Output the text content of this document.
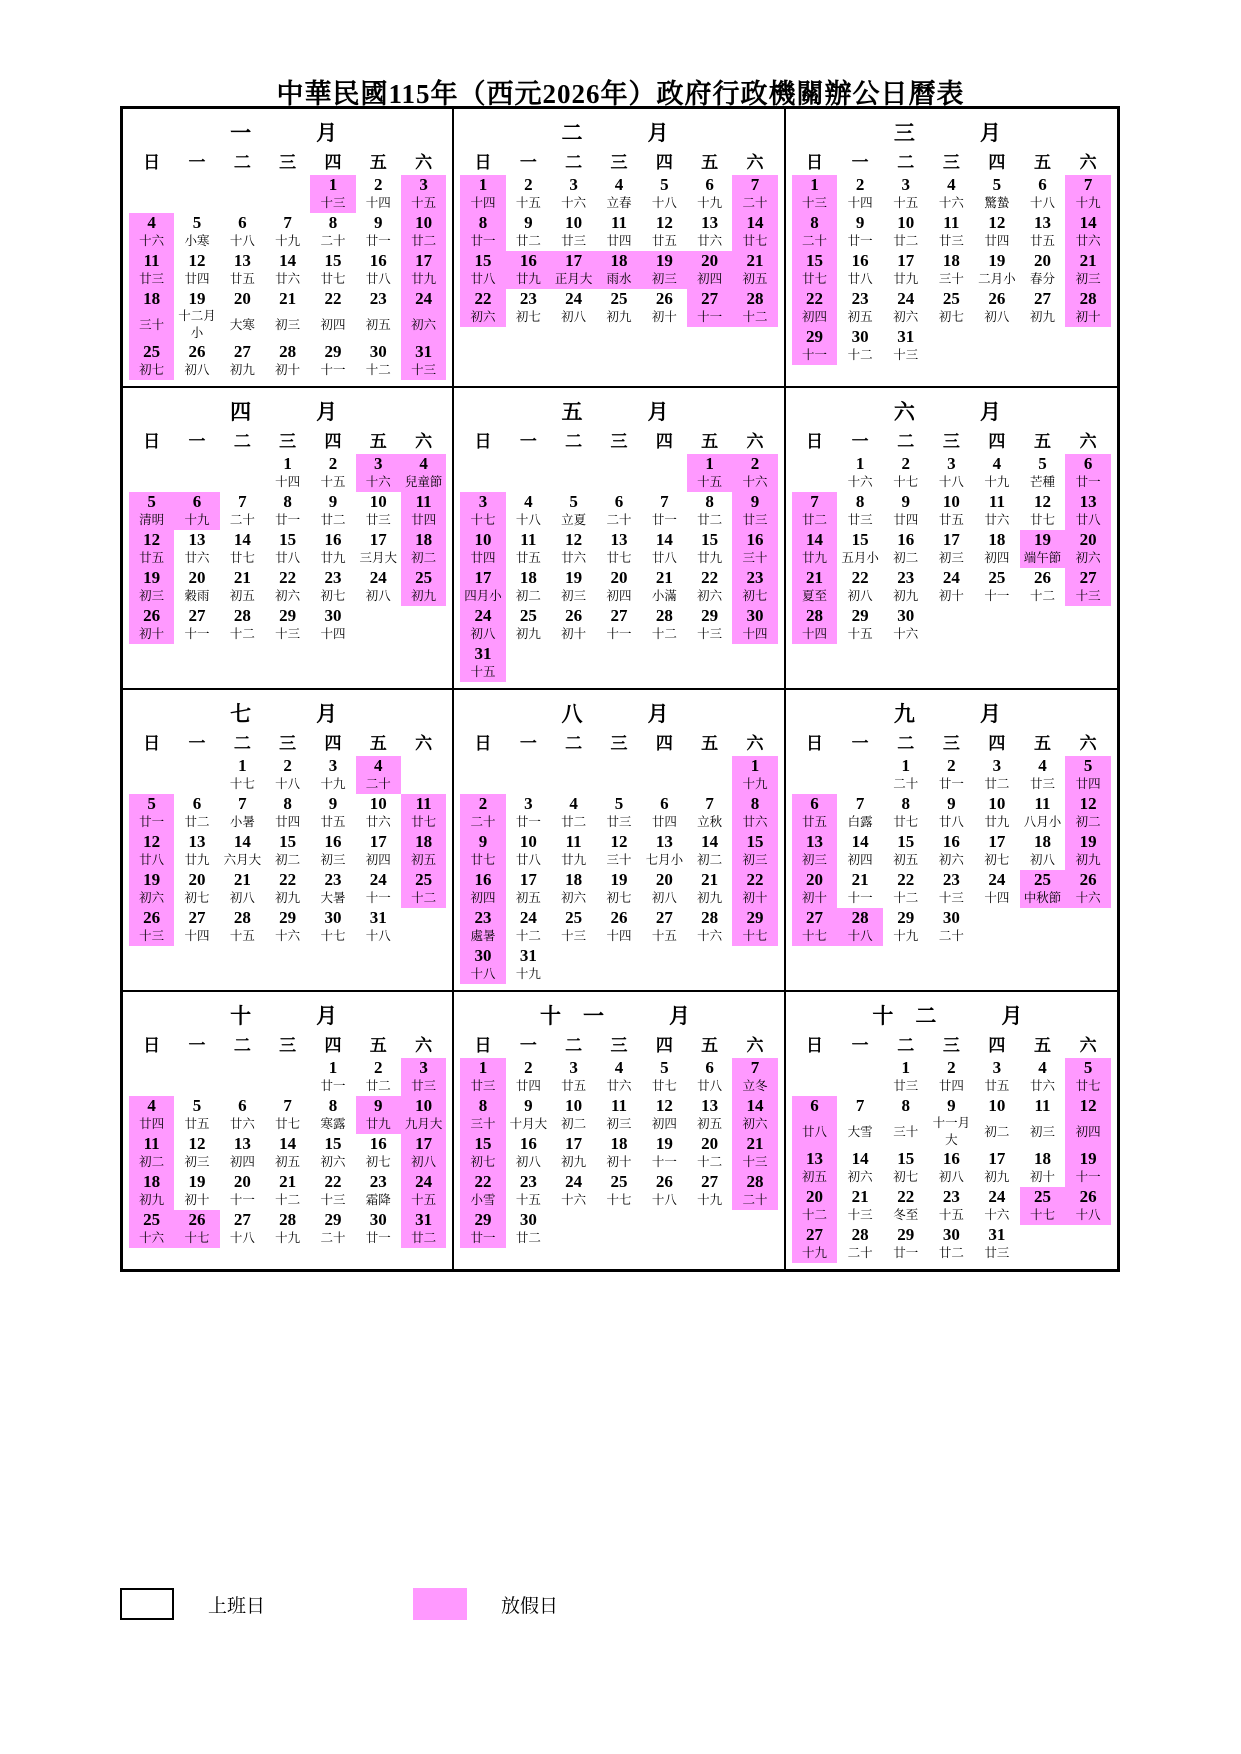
中華民國115年（西元2026年）政府行政機關辦公日曆表
一　月
日	一	二	三	四	五	六
				1	2	3
				十三	十四	十五
4	5	6	7	8	9	10
十六	小寒	十八	十九	二十	廿一	廿二
11	12	13	14	15	16	17
廿三	廿四	廿五	廿六	廿七	廿八	廿九
18	19	20	21	22	23	24
三十	十二月小	大寒	初三	初四	初五	初六
25	26	27	28	29	30	31
初七	初八	初九	初十	十一	十二	十三
二　月
日	一	二	三	四	五	六
1	2	3	4	5	6	7
十四	十五	十六	立春	十八	十九	二十
8	9	10	11	12	13	14
廿一	廿二	廿三	廿四	廿五	廿六	廿七
15	16	17	18	19	20	21
廿八	廿九	正月大	雨水	初三	初四	初五
22	23	24	25	26	27	28
初六	初七	初八	初九	初十	十一	十二
三　月
日	一	二	三	四	五	六
1	2	3	4	5	6	7
十三	十四	十五	十六	驚蟄	十八	十九
8	9	10	11	12	13	14
二十	廿一	廿二	廿三	廿四	廿五	廿六
15	16	17	18	19	20	21
廿七	廿八	廿九	三十	二月小	春分	初三
22	23	24	25	26	27	28
初四	初五	初六	初七	初八	初九	初十
29	30	31				
十一	十二	十三				
四　月
日	一	二	三	四	五	六
			1	2	3	4
			十四	十五	十六	兒童節
5	6	7	8	9	10	11
清明	十九	二十	廿一	廿二	廿三	廿四
12	13	14	15	16	17	18
廿五	廿六	廿七	廿八	廿九	三月大	初二
19	20	21	22	23	24	25
初三	穀雨	初五	初六	初七	初八	初九
26	27	28	29	30		
初十	十一	十二	十三	十四		
五　月
日	一	二	三	四	五	六
					1	2
					十五	十六
3	4	5	6	7	8	9
十七	十八	立夏	二十	廿一	廿二	廿三
10	11	12	13	14	15	16
廿四	廿五	廿六	廿七	廿八	廿九	三十
17	18	19	20	21	22	23
四月小	初二	初三	初四	小滿	初六	初七
24	25	26	27	28	29	30
初八	初九	初十	十一	十二	十三	十四
31						
十五						
六　月
日	一	二	三	四	五	六
	1	2	3	4	5	6
	十六	十七	十八	十九	芒種	廿一
7	8	9	10	11	12	13
廿二	廿三	廿四	廿五	廿六	廿七	廿八
14	15	16	17	18	19	20
廿九	五月小	初二	初三	初四	端午節	初六
21	22	23	24	25	26	27
夏至	初八	初九	初十	十一	十二	十三
28	29	30				
十四	十五	十六				
七　月
日	一	二	三	四	五	六
		1	2	3	4	
		十七	十八	十九	二十	
5	6	7	8	9	10	11
廿一	廿二	小暑	廿四	廿五	廿六	廿七
12	13	14	15	16	17	18
廿八	廿九	六月大	初二	初三	初四	初五
19	20	21	22	23	24	25
初六	初七	初八	初九	大暑	十一	十二
26	27	28	29	30	31	
十三	十四	十五	十六	十七	十八	
八　月
日	一	二	三	四	五	六
						1
						十九
2	3	4	5	6	7	8
二十	廿一	廿二	廿三	廿四	立秋	廿六
9	10	11	12	13	14	15
廿七	廿八	廿九	三十	七月小	初二	初三
16	17	18	19	20	21	22
初四	初五	初六	初七	初八	初九	初十
23	24	25	26	27	28	29
處暑	十二	十三	十四	十五	十六	十七
30	31					
十八	十九					
九　月
日	一	二	三	四	五	六
		1	2	3	4	5
		二十	廿一	廿二	廿三	廿四
6	7	8	9	10	11	12
廿五	白露	廿七	廿八	廿九	八月小	初二
13	14	15	16	17	18	19
初三	初四	初五	初六	初七	初八	初九
20	21	22	23	24	25	26
初十	十一	十二	十三	十四	中秋節	十六
27	28	29	30			
十七	十八	十九	二十			
十　月
日	一	二	三	四	五	六
				1	2	3
				廿一	廿二	廿三
4	5	6	7	8	9	10
廿四	廿五	廿六	廿七	寒露	廿九	九月大
11	12	13	14	15	16	17
初二	初三	初四	初五	初六	初七	初八
18	19	20	21	22	23	24
初九	初十	十一	十二	十三	霜降	十五
25	26	27	28	29	30	31
十六	十七	十八	十九	二十	廿一	廿二
十一　月
日	一	二	三	四	五	六
1	2	3	4	5	6	7
廿三	廿四	廿五	廿六	廿七	廿八	立冬
8	9	10	11	12	13	14
三十	十月大	初二	初三	初四	初五	初六
15	16	17	18	19	20	21
初七	初八	初九	初十	十一	十二	十三
22	23	24	25	26	27	28
小雪	十五	十六	十七	十八	十九	二十
29	30					
廿一	廿二					
十二　月
日	一	二	三	四	五	六
		1	2	3	4	5
		廿三	廿四	廿五	廿六	廿七
6	7	8	9	10	11	12
廿八	大雪	三十	十一月大	初二	初三	初四
13	14	15	16	17	18	19
初五	初六	初七	初八	初九	初十	十一
20	21	22	23	24	25	26
十二	十三	冬至	十五	十六	十七	十八
27	28	29	30	31		
十九	二十	廿一	廿二	廿三		
上班日	放假日
